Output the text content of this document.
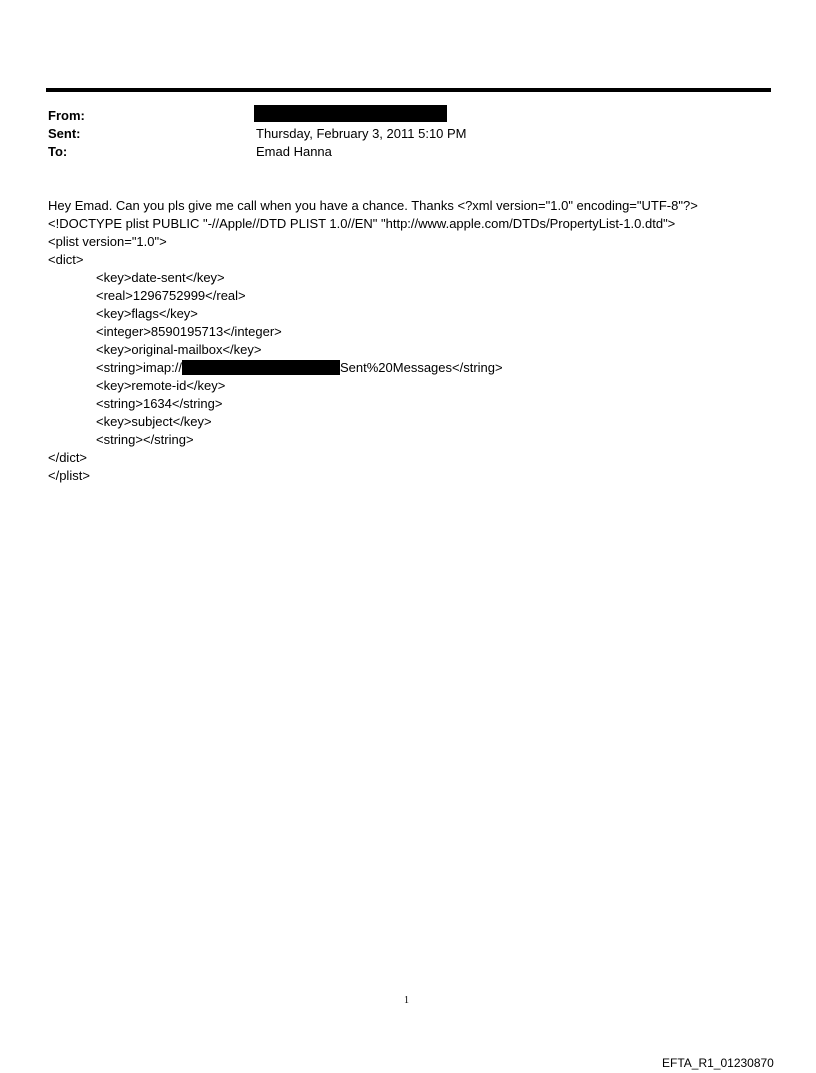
From:
Sent:	Thursday, February 3, 2011 5:10 PM
To:	Emad Hanna
Hey Emad. Can you pls give me call when you have a chance. Thanks <?xml version="1.0" encoding="UTF-8"?>
<!DOCTYPE plist PUBLIC "-//Apple//DTD PLIST 1.0//EN" "http://www.apple.com/DTDs/PropertyList-1.0.dtd">
<plist version="1.0">
<dict>
<key>date-sent</key>
<real>1296752999</real>
<key>flags</key>
<integer>8590195713</integer>
<key>original-mailbox</key>
<string>imap://	Sent%20Messages</string>
<key>remote-id</key>
<string>1634</string>
<key>subject</key>
<string></string>
</dict>
</plist>
1
EFTA_R1_01230870
